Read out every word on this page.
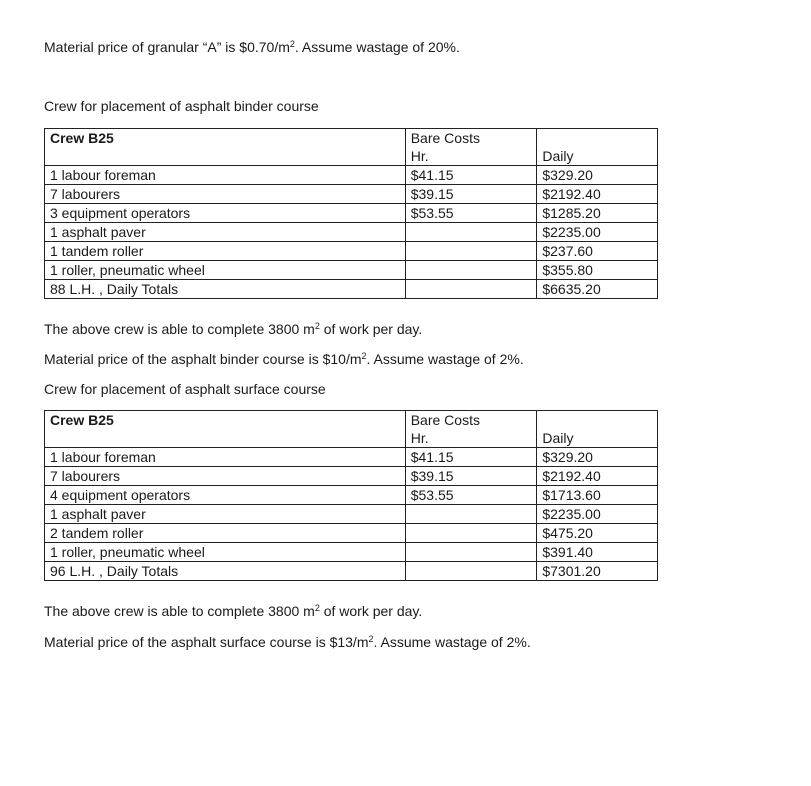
Material price of granular “A” is $\$0.70/m^2$. Assume wastage of 20%.

Crew for placement of asphalt binder course

Crew B25	Bare Costs	
	Hr.	Daily
1 labour foreman	$41.15	$329.20
7 labourers	$39.15	$2192.40
3 equipment operators	$53.55	$1285.20
1 asphalt paver		$2235.00
1 tandem roller		$237.60
1 roller, pneumatic wheel		$355.80
88 L.H. , Daily Totals		$6635.20

The above crew is able to complete 3800 $m^2$ of work per day.

Material price of the asphalt binder course is $\$10/m^2$. Assume wastage of 2%.

Crew for placement of asphalt surface course

Crew B25	Bare Costs	
	Hr.	Daily
1 labour foreman	$41.15	$329.20
7 labourers	$39.15	$2192.40
4 equipment operators	$53.55	$1713.60
1 asphalt paver		$2235.00
2 tandem roller		$475.20
1 roller, pneumatic wheel		$391.40
96 L.H. , Daily Totals		$7301.20

The above crew is able to complete 3800 $m^2$ of work per day.

Material price of the asphalt surface course is $\$13/m^2$. Assume wastage of 2%.
